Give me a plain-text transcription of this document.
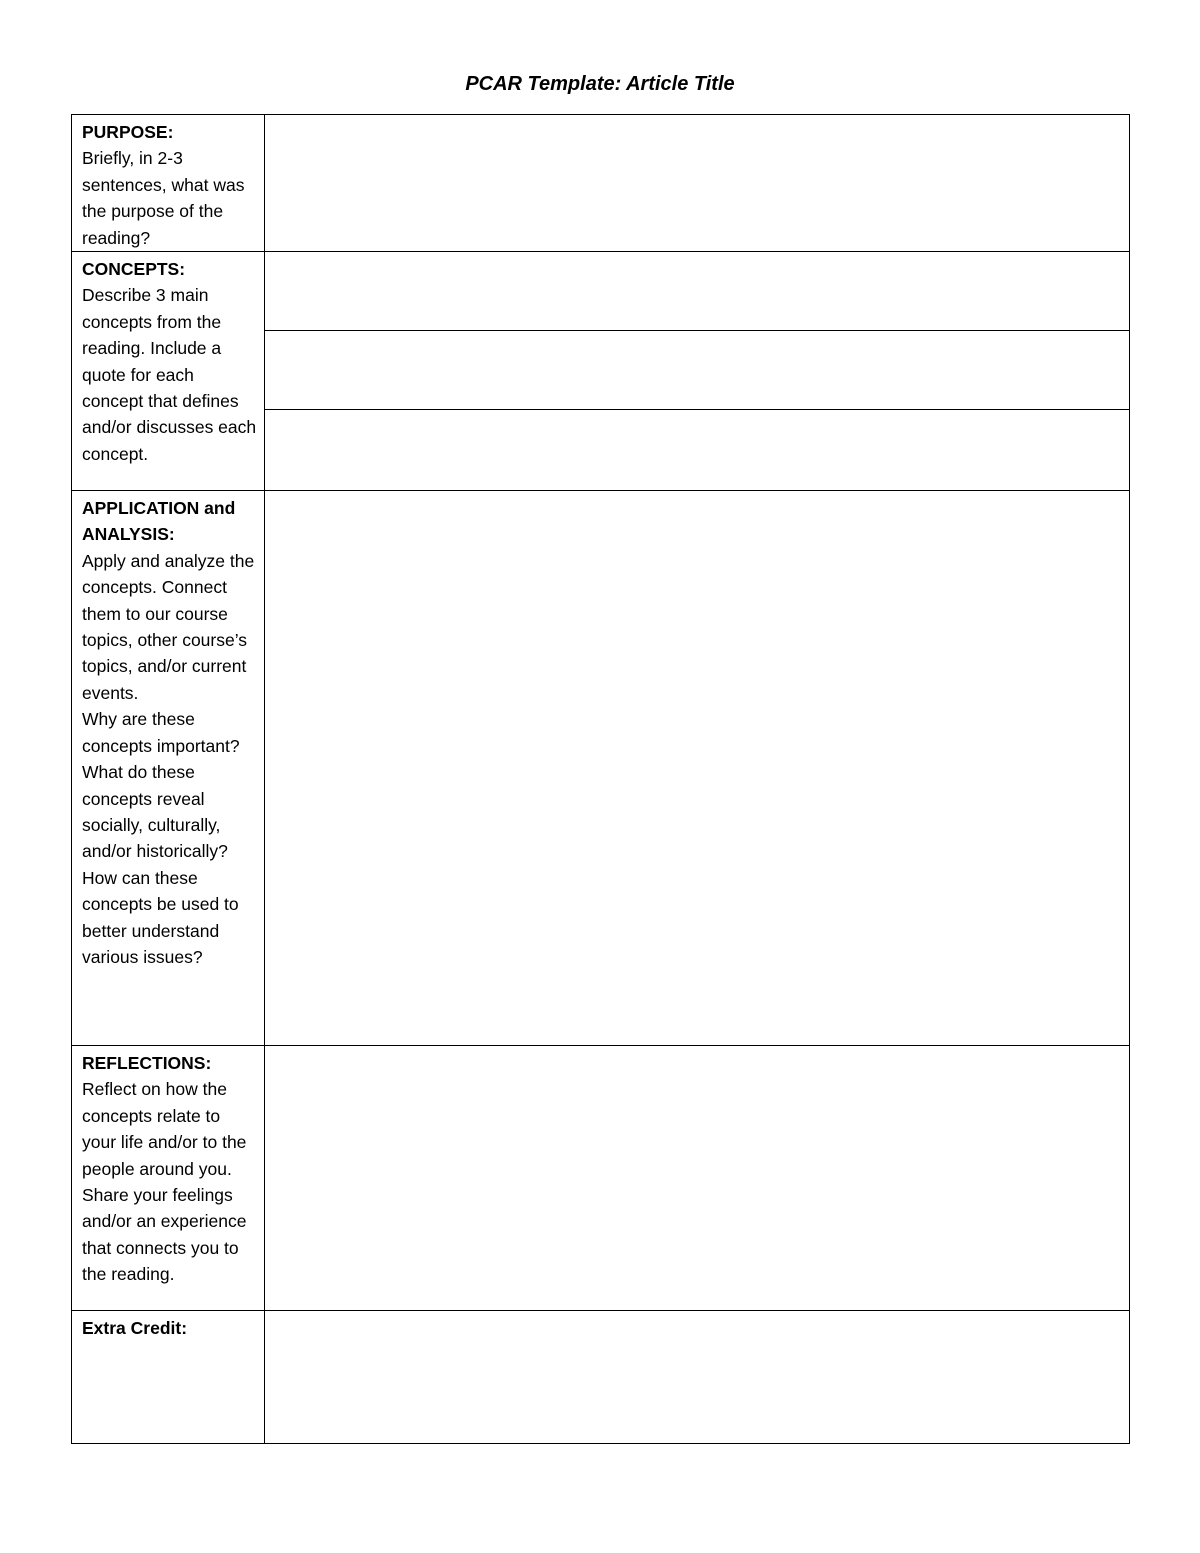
PCAR Template: Article Title
PURPOSE:
Briefly, in 2-3 sentences, what was the purpose of the reading?	

CONCEPTS:
Describe 3 main concepts from the reading. Include a quote for each concept that defines and/or discusses each concept.	

APPLICATION and ANALYSIS:
Apply and analyze the concepts. Connect them to our course topics, other course’s topics, and/or current events.
Why are these concepts important?
What do these concepts reveal socially, culturally, and/or historically?
How can these concepts be used to better understand various issues?	

REFLECTIONS:
Reflect on how the concepts relate to your life and/or to the people around you. Share your feelings and/or an experience that connects you to the reading.	

Extra Credit:	
